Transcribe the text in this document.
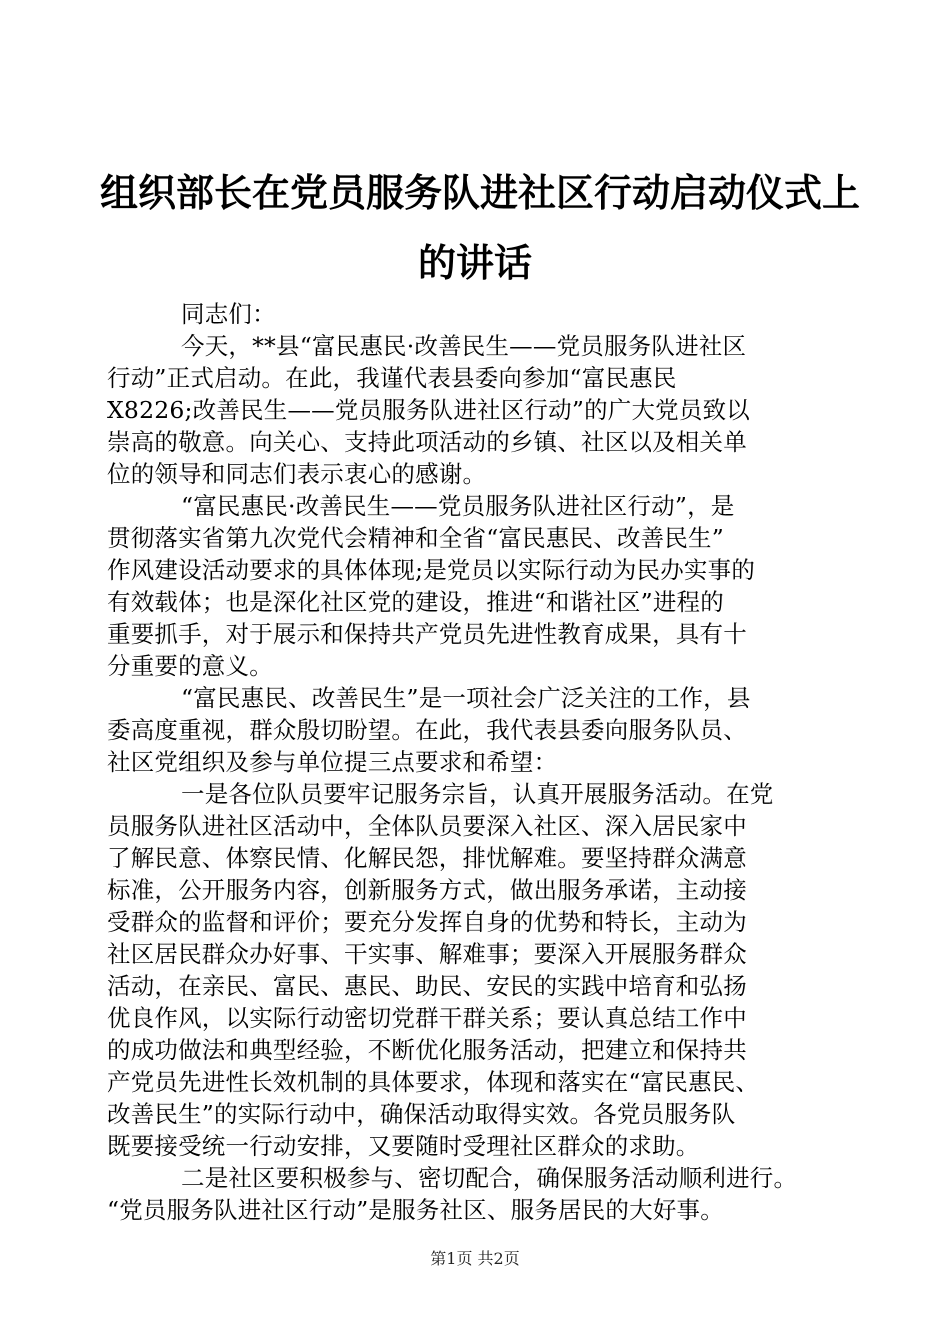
组织部长在党员服务队进社区行动启动仪式上
的讲话
同志们：
今天，**县“富民惠民·改善民生——党员服务队进社区
行动”正式启动。在此，我谨代表县委向参加“富民惠民
X8226;改善民生——党员服务队进社区行动”的广大党员致以
崇高的敬意。向关心、支持此项活动的乡镇、社区以及相关单
位的领导和同志们表示衷心的感谢。
“富民惠民·改善民生——党员服务队进社区行动”，是
贯彻落实省第九次党代会精神和全省“富民惠民、改善民生”
作风建设活动要求的具体体现;是党员以实际行动为民办实事的
有效载体；也是深化社区党的建设，推进“和谐社区”进程的
重要抓手，对于展示和保持共产党员先进性教育成果，具有十
分重要的意义。
“富民惠民、改善民生”是一项社会广泛关注的工作，县
委高度重视，群众殷切盼望。在此，我代表县委向服务队员、
社区党组织及参与单位提三点要求和希望：
一是各位队员要牢记服务宗旨，认真开展服务活动。在党
员服务队进社区活动中，全体队员要深入社区、深入居民家中
了解民意、体察民情、化解民怨，排忧解难。要坚持群众满意
标准，公开服务内容，创新服务方式，做出服务承诺，主动接
受群众的监督和评价；要充分发挥自身的优势和特长，主动为
社区居民群众办好事、干实事、解难事；要深入开展服务群众
活动，在亲民、富民、惠民、助民、安民的实践中培育和弘扬
优良作风，以实际行动密切党群干群关系；要认真总结工作中
的成功做法和典型经验，不断优化服务活动，把建立和保持共
产党员先进性长效机制的具体要求，体现和落实在“富民惠民、
改善民生”的实际行动中，确保活动取得实效。各党员服务队
既要接受统一行动安排，又要随时受理社区群众的求助。
二是社区要积极参与、密切配合，确保服务活动顺利进行。
“党员服务队进社区行动”是服务社区、服务居民的大好事。
第1页 共2页
